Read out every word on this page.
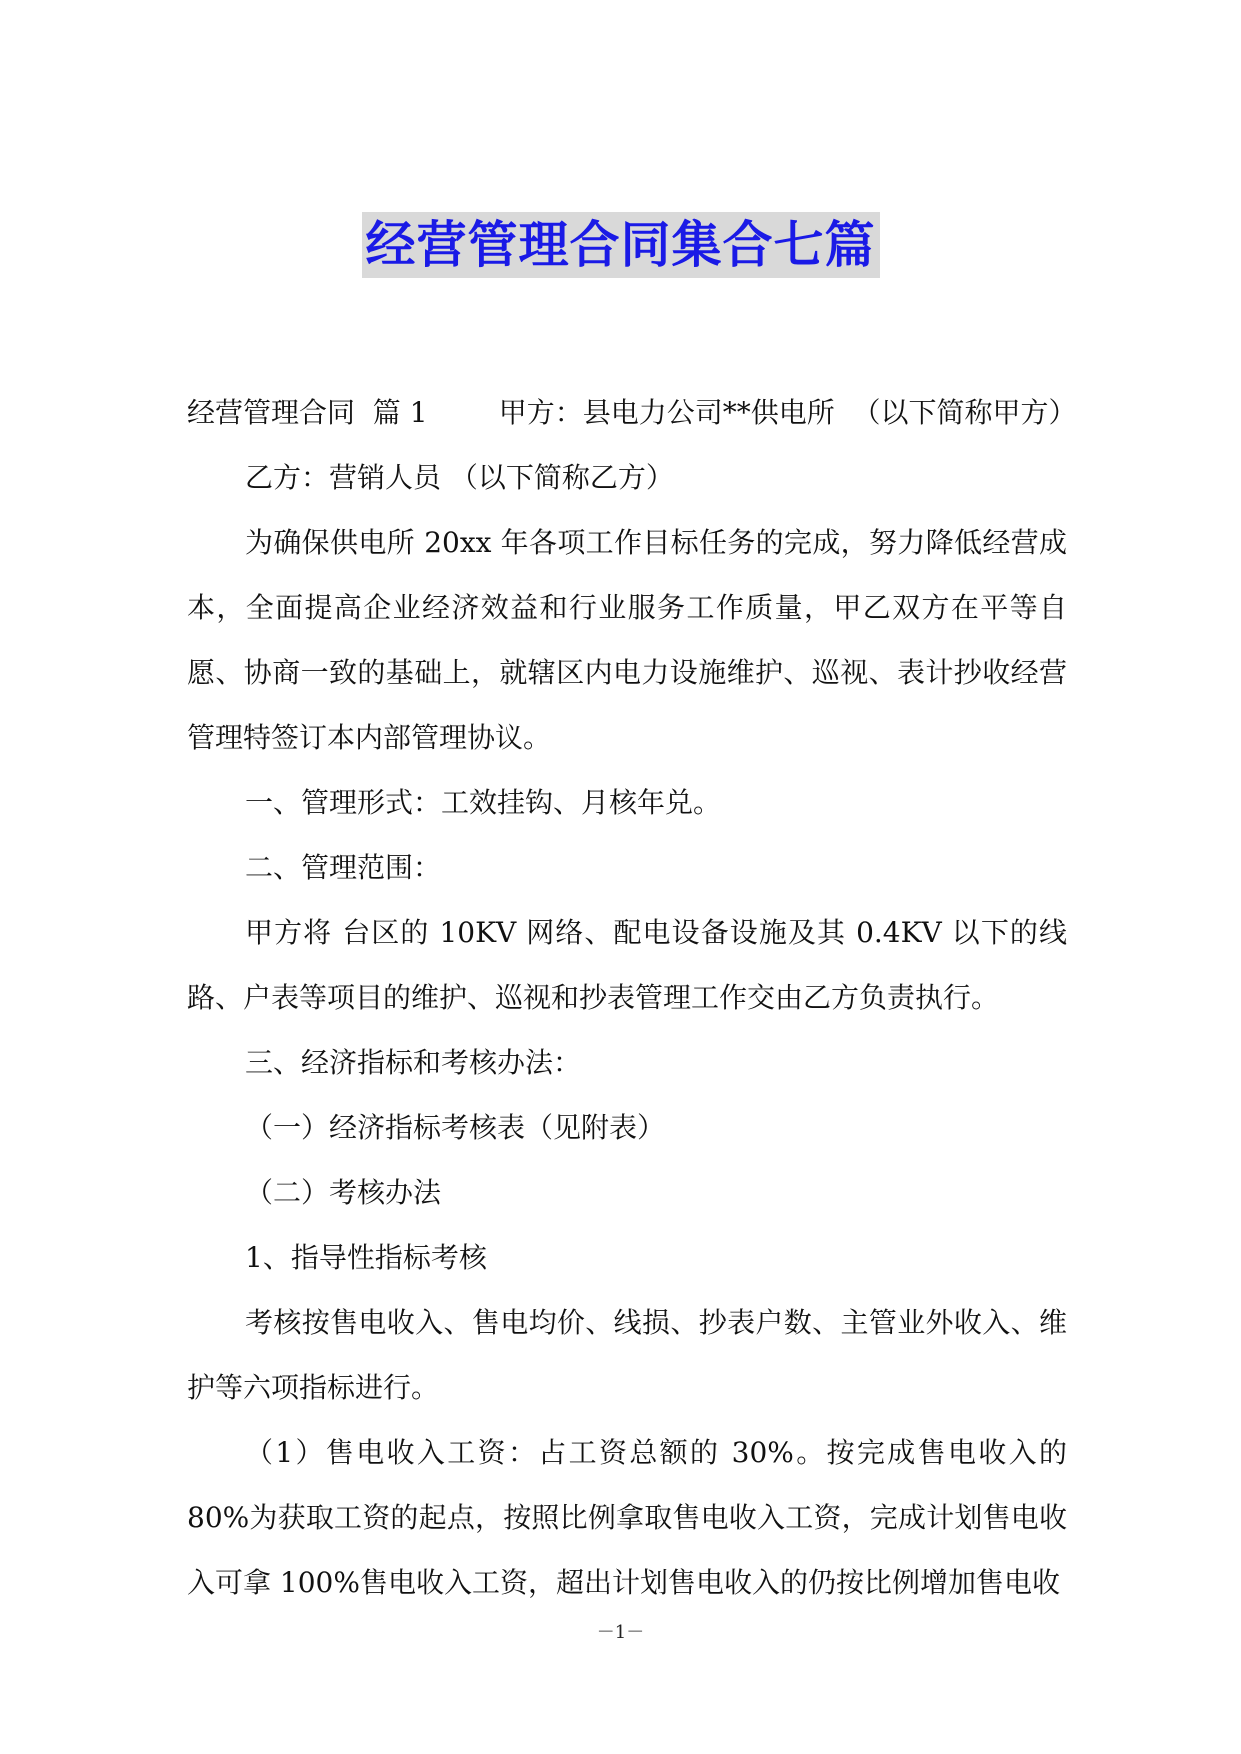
经营管理合同集合七篇

经营管理合同  篇 1        甲方：县电力公司**供电所  （以下简称甲方）

乙方：营销人员 （以下简称乙方）

为确保供电所 20xx 年各项工作目标任务的完成，努力降低经营成本，全面提高企业经济效益和行业服务工作质量，甲乙双方在平等自愿、协商一致的基础上，就辖区内电力设施维护、巡视、表计抄收经营管理特签订本内部管理协议。

一、管理形式：工效挂钩、月核年兑。

二、管理范围：

甲方将 台区的 10KV 网络、配电设备设施及其 0.4KV 以下的线路、户表等项目的维护、巡视和抄表管理工作交由乙方负责执行。

三、经济指标和考核办法：

（一）经济指标考核表（见附表）

（二）考核办法

1、指导性指标考核

考核按售电收入、售电均价、线损、抄表户数、主管业外收入、维护等六项指标进行。

（1）售电收入工资：占工资总额的 30%。按完成售电收入的 80%为获取工资的起点，按照比例拿取售电收入工资，完成计划售电收入可拿 100%售电收入工资，超出计划售电收入的仍按比例增加售电收

－1－
